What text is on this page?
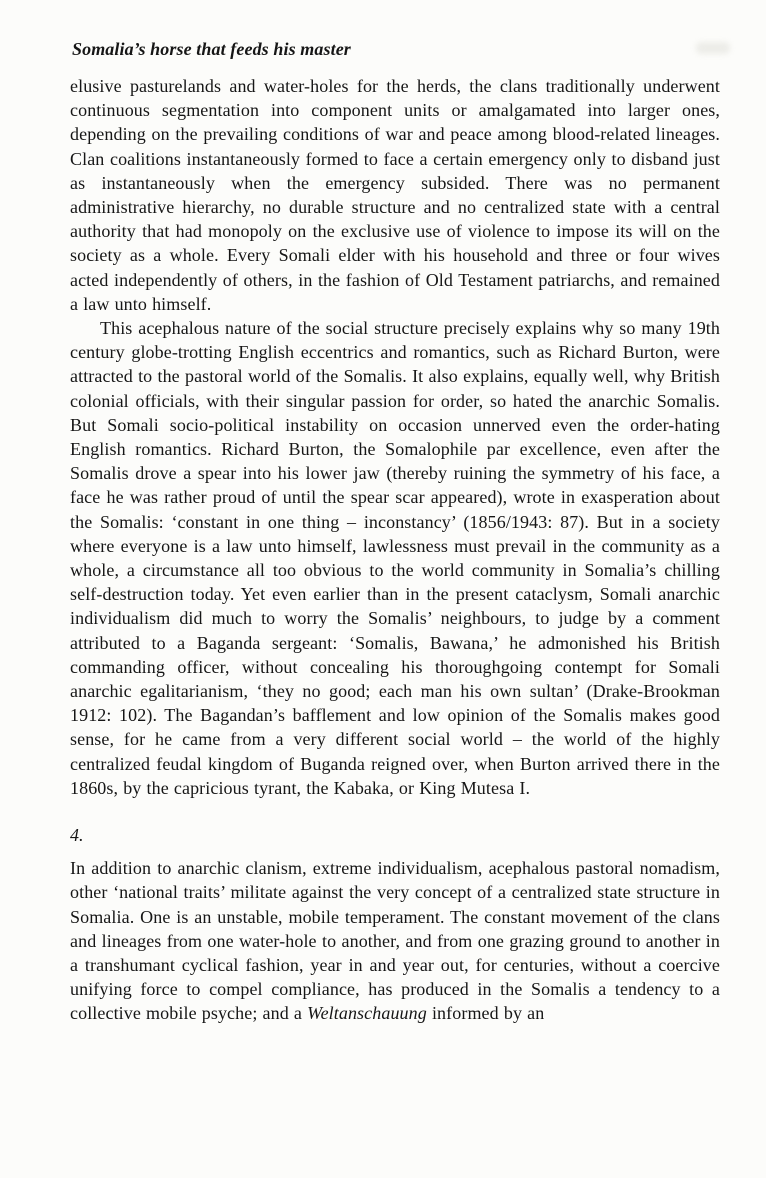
Somalia’s horse that feeds his master

elusive pasturelands and water-holes for the herds, the clans traditionally underwent continuous segmentation into component units or amalgamated into larger ones, depending on the prevailing conditions of war and peace among blood-related lineages. Clan coalitions instantaneously formed to face a certain emergency only to disband just as instantaneously when the emergency subsided. There was no permanent administrative hierarchy, no durable structure and no centralized state with a central authority that had monopoly on the exclusive use of violence to impose its will on the society as a whole. Every Somali elder with his household and three or four wives acted independently of others, in the fashion of Old Testament patriarchs, and remained a law unto himself.

This acephalous nature of the social structure precisely explains why so many 19th century globe-trotting English eccentrics and romantics, such as Richard Burton, were attracted to the pastoral world of the Somalis. It also explains, equally well, why British colonial officials, with their singular passion for order, so hated the anarchic Somalis. But Somali socio-political instability on occasion unnerved even the order-hating English romantics. Richard Burton, the Somalophile par excellence, even after the Somalis drove a spear into his lower jaw (thereby ruining the symmetry of his face, a face he was rather proud of until the spear scar appeared), wrote in exasperation about the Somalis: ‘constant in one thing – inconstancy’ (1856/1943: 87). But in a society where everyone is a law unto himself, lawlessness must prevail in the community as a whole, a circumstance all too obvious to the world community in Somalia’s chilling self-destruction today. Yet even earlier than in the present cataclysm, Somali anarchic individualism did much to worry the Somalis’ neighbours, to judge by a comment attributed to a Baganda sergeant: ‘Somalis, Bawana,’ he admonished his British commanding officer, without concealing his thoroughgoing contempt for Somali anarchic egalitarianism, ‘they no good; each man his own sultan’ (Drake-Brookman 1912: 102). The Bagandan’s bafflement and low opinion of the Somalis makes good sense, for he came from a very different social world – the world of the highly centralized feudal kingdom of Buganda reigned over, when Burton arrived there in the 1860s, by the capricious tyrant, the Kabaka, or King Mutesa I.

4.

In addition to anarchic clanism, extreme individualism, acephalous pastoral nomadism, other ‘national traits’ militate against the very concept of a centralized state structure in Somalia. One is an unstable, mobile temperament. The constant movement of the clans and lineages from one water-hole to another, and from one grazing ground to another in a transhumant cyclical fashion, year in and year out, for centuries, without a coercive unifying force to compel compliance, has produced in the Somalis a tendency to a collective mobile psyche; and a Weltanschauung informed by an
